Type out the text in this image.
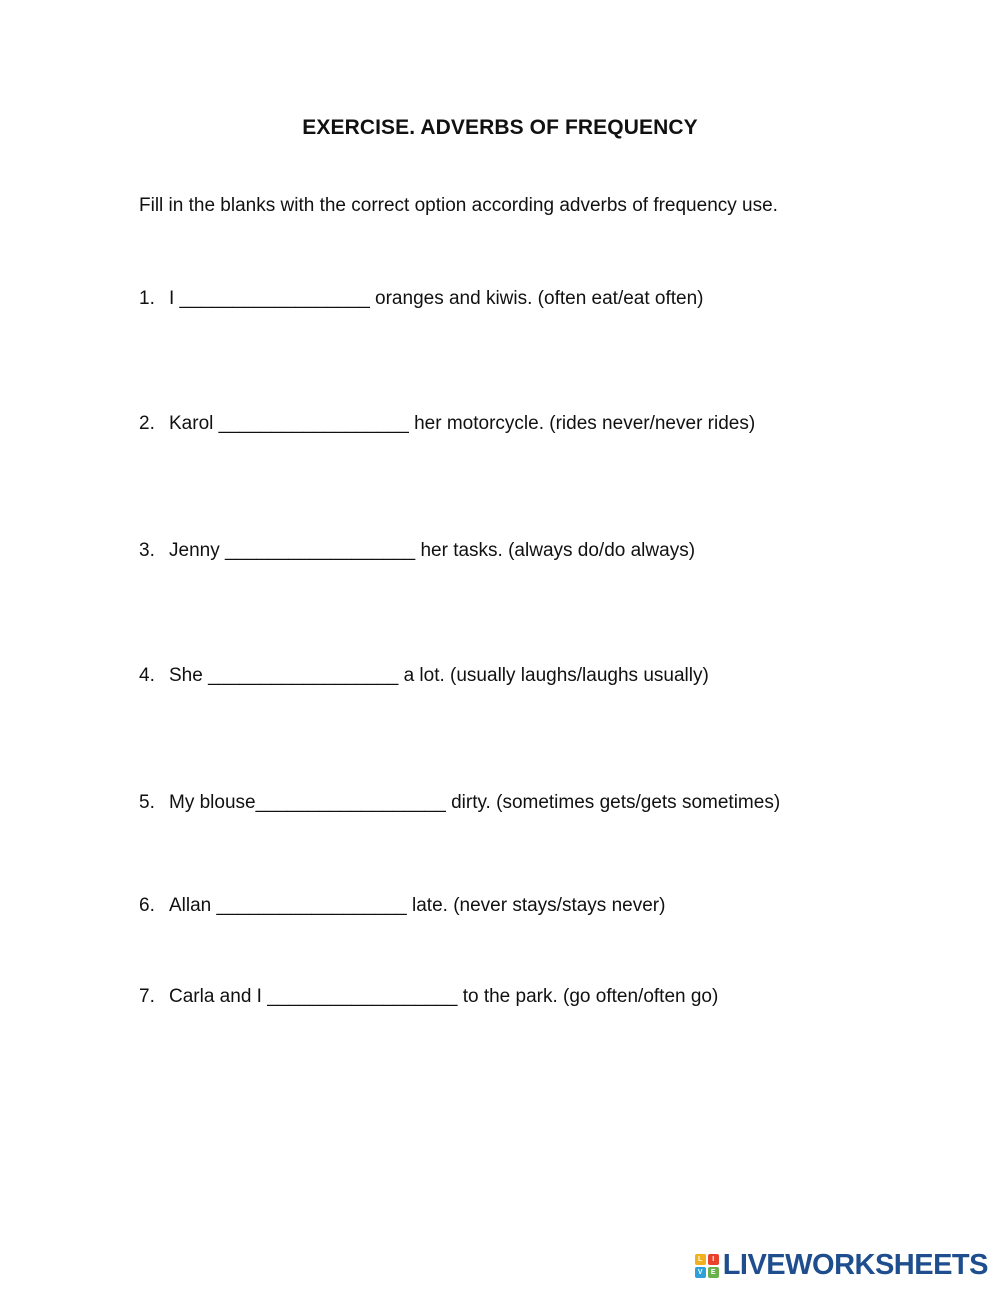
EXERCISE. ADVERBS OF FREQUENCY
Fill in the blanks with the correct option according adverbs of frequency use.
1. I __________________ oranges and kiwis. (often eat/eat often)
2. Karol __________________ her motorcycle. (rides never/never rides)
3. Jenny __________________ her tasks. (always do/do always)
4. She __________________ a lot. (usually laughs/laughs usually)
5. My blouse__________________ dirty. (sometimes gets/gets sometimes)
6. Allan __________________ late. (never stays/stays never)
7. Carla and I __________________ to the park. (go often/often go)
L	I
V	E LIVEWORKSHEETS
